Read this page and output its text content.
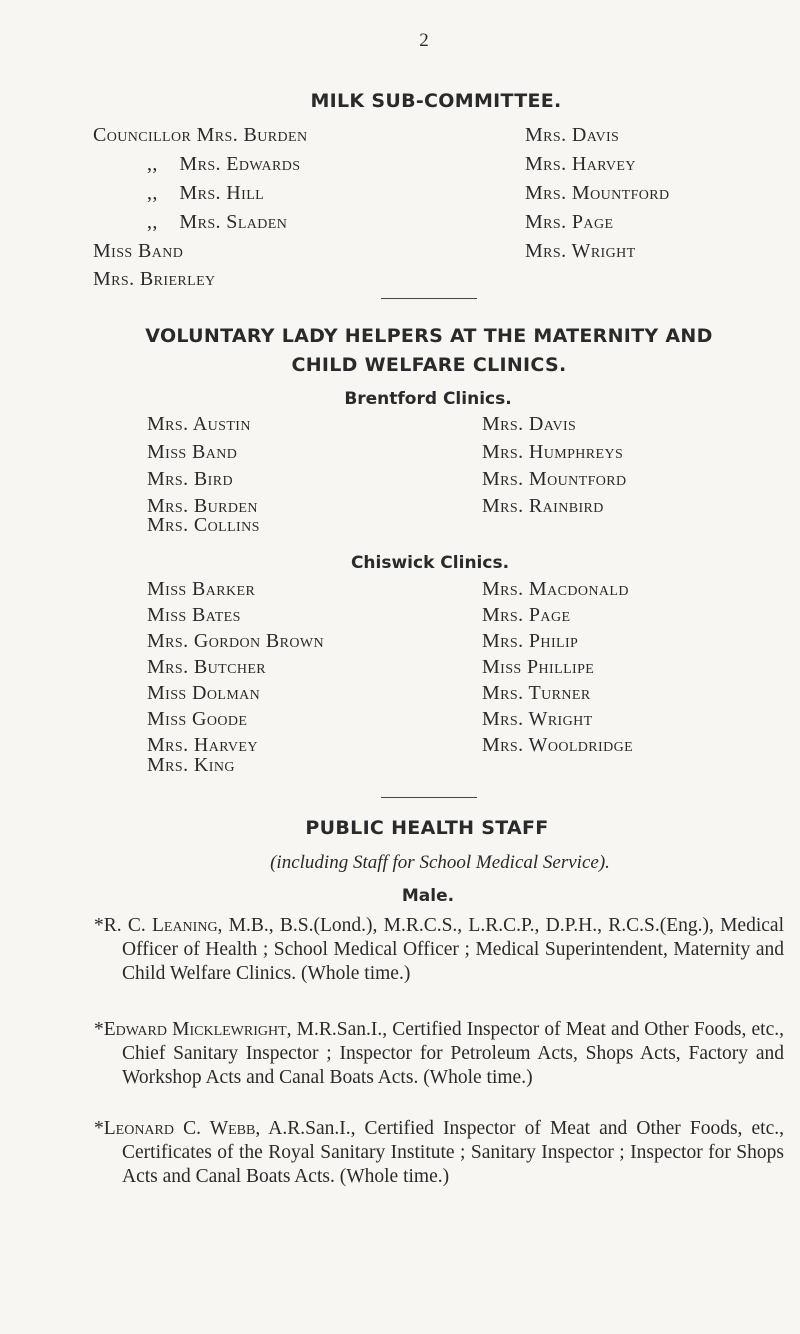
2
MILK SUB-COMMITTEE.
Councillor Mrs. Burden
,,    Mrs. Edwards
,,    Mrs. Hill
,,    Mrs. Sladen
Miss Band
Mrs. Brierley
Mrs. Davis
Mrs. Harvey
Mrs. Mountford
Mrs. Page
Mrs. Wright
VOLUNTARY LADY HELPERS AT THE MATERNITY AND
CHILD WELFARE CLINICS.
Brentford Clinics.
Mrs. Austin
Miss Band
Mrs. Bird
Mrs. Burden
Mrs. Collins
Mrs. Davis
Mrs. Humphreys
Mrs. Mountford
Mrs. Rainbird
Chiswick Clinics.
Miss Barker
Miss Bates
Mrs. Gordon Brown
Mrs. Butcher
Miss Dolman
Miss Goode
Mrs. Harvey
Mrs. King
Mrs. Macdonald
Mrs. Page
Mrs. Philip
Miss Phillipe
Mrs. Turner
Mrs. Wright
Mrs. Wooldridge
PUBLIC HEALTH STAFF
(including Staff for School Medical Service).
Male.
*R. C. Leaning, M.B., B.S.(Lond.), M.R.C.S., L.R.C.P., D.P.H., R.C.S.(Eng.), Medical Officer of Health ; School Medical Officer ; Medical Superintendent, Maternity and Child Welfare Clinics. (Whole time.)
*Edward Micklewright, M.R.San.I., Certified Inspector of Meat and Other Foods, etc., Chief Sanitary Inspector ; Inspector for Petroleum Acts, Shops Acts, Factory and Workshop Acts and Canal Boats Acts. (Whole time.)
*Leonard C. Webb, A.R.San.I., Certified Inspector of Meat and Other Foods, etc., Certificates of the Royal Sanitary Institute ; Sanitary Inspector ; Inspector for Shops Acts and Canal Boats Acts. (Whole time.)
